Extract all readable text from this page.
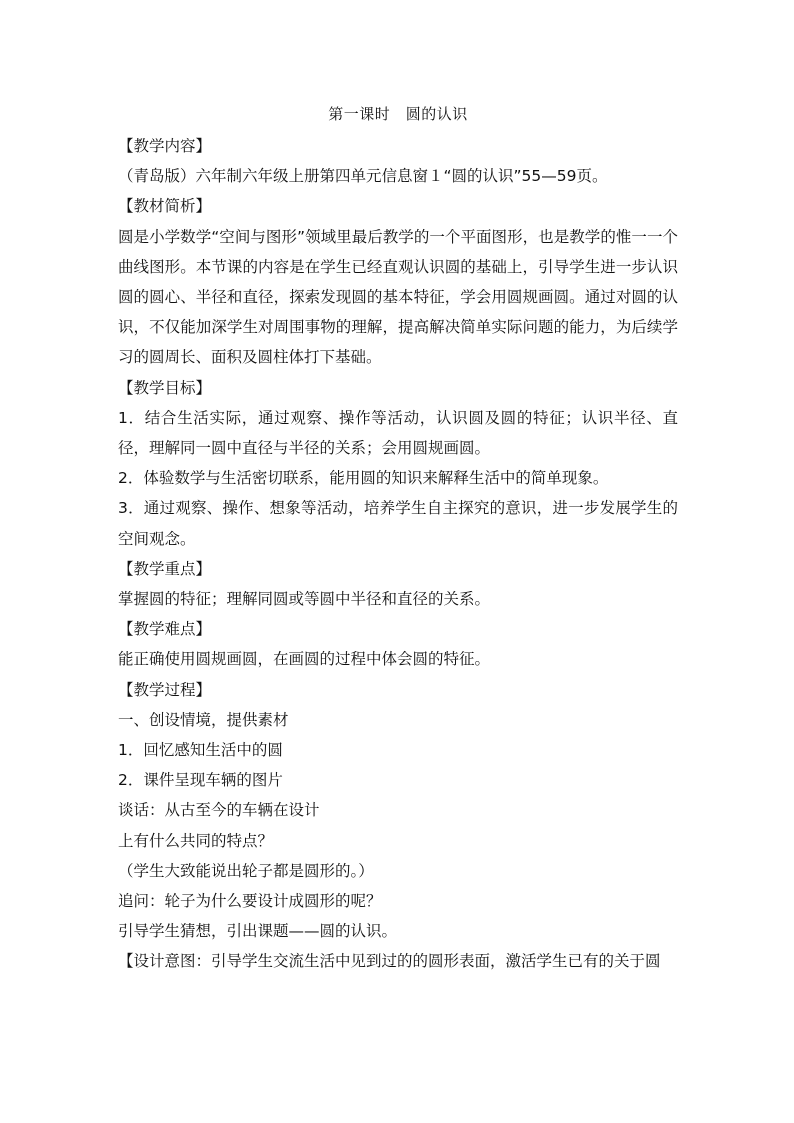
第一课时　圆的认识

【教学内容】

（青岛版）六年制六年级上册第四单元信息窗１“圆的认识”55—59页。

【教材简析】

圆是小学数学“空间与图形”领域里最后教学的一个平面图形，也是教学的惟一一个曲线图形。本节课的内容是在学生已经直观认识圆的基础上，引导学生进一步认识圆的圆心、半径和直径，探索发现圆的基本特征，学会用圆规画圆。通过对圆的认识，不仅能加深学生对周围事物的理解，提高解决简单实际问题的能力，为后续学习的圆周长、面积及圆柱体打下基础。

【教学目标】

1．结合生活实际，通过观察、操作等活动，认识圆及圆的特征；认识半径、直径，理解同一圆中直径与半径的关系；会用圆规画圆。

2．体验数学与生活密切联系，能用圆的知识来解释生活中的简单现象。

3．通过观察、操作、想象等活动，培养学生自主探究的意识，进一步发展学生的空间观念。

【教学重点】

掌握圆的特征；理解同圆或等圆中半径和直径的关系。

【教学难点】

能正确使用圆规画圆，在画圆的过程中体会圆的特征。

【教学过程】

一、创设情境，提供素材

1．回忆感知生活中的圆

2．课件呈现车辆的图片

谈话：从古至今的车辆在设计

上有什么共同的特点？

（学生大致能说出轮子都是圆形的。）

追问：轮子为什么要设计成圆形的呢？

引导学生猜想，引出课题——圆的认识。

【设计意图：引导学生交流生活中见到过的的圆形表面，激活学生已有的关于圆
